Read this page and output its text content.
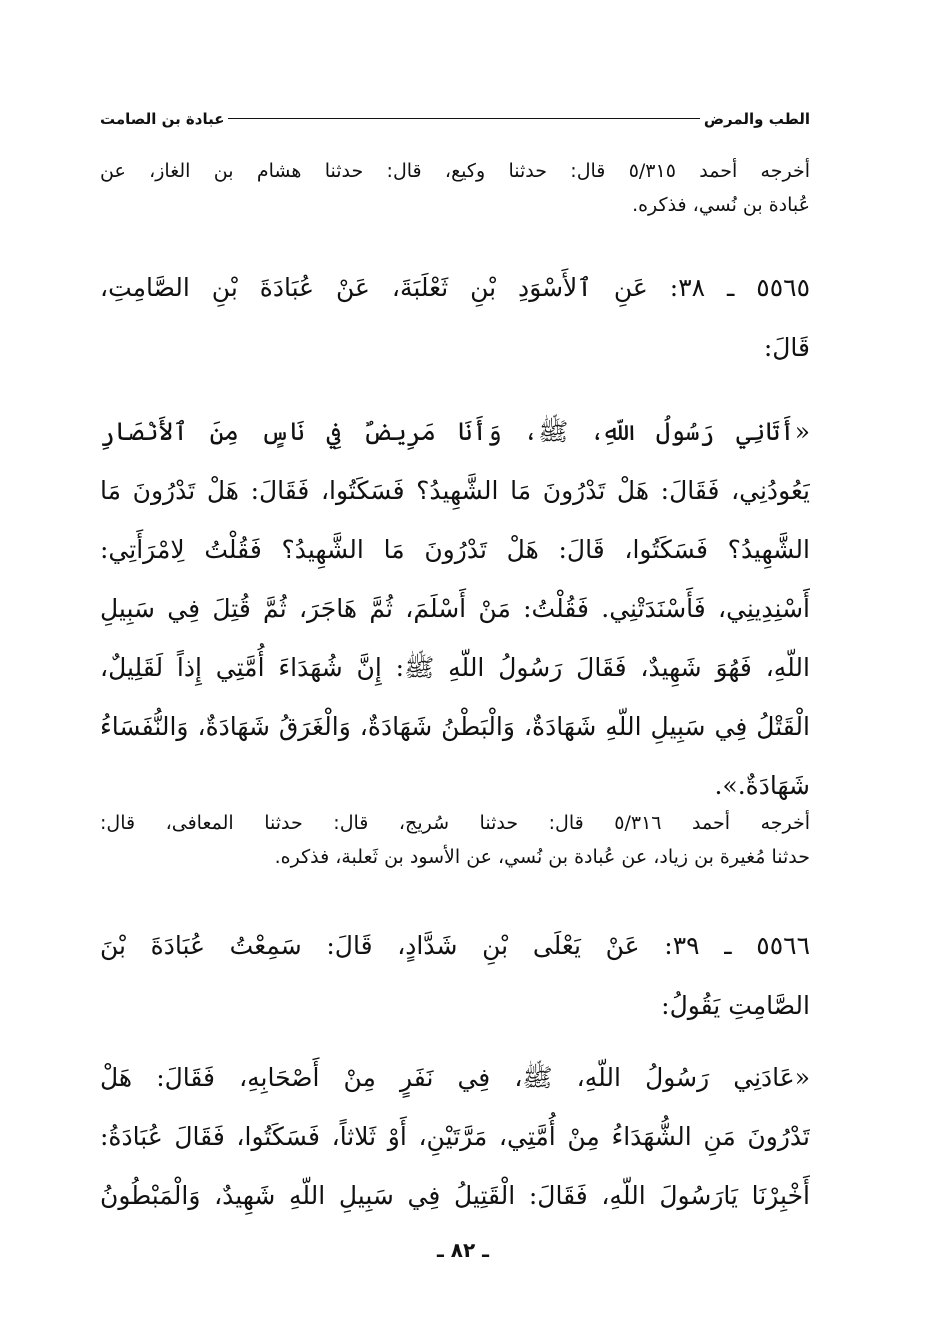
الطب والمرض
عبادة بن الصامت
أخرجه أحمد ٥/٣١٥ قال: حدثنا وكيع، قال: حدثنا هشام بن الغاز، عن
عُبادة بن نُسي، فذكره.
٥٥٦٥ ـ ٣٨: عَنِ ٱلأَسْوَدِ بْنِ ثَعْلَبَةَ، عَنْ عُبَادَةَ بْنِ الصَّامِتِ،
قَالَ:
«أَتَانِي رَسُولُ اللّهِ، ﷺ، وَأَنَا مَرِيضٌ فِي نَاسٍ مِنَ ٱلأَنْصَارِ
يَعُودُنِي، فَقَالَ: هَلْ تَدْرُونَ مَا الشَّهِيدُ؟ فَسَكَتُوا، فَقَالَ: هَلْ تَدْرُونَ مَا
الشَّهِيدُ؟ فَسَكَتُوا، قَالَ: هَلْ تَدْرُونَ مَا الشَّهِيدُ؟ فَقُلْتُ لِامْرَأَتِي:
أَسْنِدِينِي، فَأَسْنَدَتْنِي. فَقُلْتُ: مَنْ أَسْلَمَ، ثُمَّ هَاجَرَ، ثُمَّ قُتِلَ فِي سَبِيلِ
اللّهِ، فَهُوَ شَهِيدٌ، فَقَالَ رَسُولُ اللّهِ ﷺ: إِنَّ شُهَدَاءَ أُمَّتِي إِذاً لَقَلِيلٌ،
الْقَتْلُ فِي سَبِيلِ اللّهِ شَهَادَةٌ، وَالْبَطْنُ شَهَادَةٌ، وَالْغَرَقُ شَهَادَةٌ، وَالنُّفَسَاءُ
شَهَادَةٌ.».
أخرجه أحمد ٥/٣١٦ قال: حدثنا سُريج، قال: حدثنا المعافى، قال:
حدثنا مُغيرة بن زياد، عن عُبادة بن نُسي، عن الأسود بن ثَعلبة، فذكره.
٥٥٦٦ ـ ٣٩: عَنْ يَعْلَى بْنِ شَدَّادٍ، قَالَ: سَمِعْتُ عُبَادَةَ بْنَ
الصَّامِتِ يَقُولُ:
«عَادَنِي رَسُولُ اللّهِ، ﷺ، فِي نَفَرٍ مِنْ أَصْحَابِهِ، فَقَالَ: هَلْ
تَدْرُونَ مَنِ الشُّهَدَاءُ مِنْ أُمَّتِي، مَرَّتَيْنِ، أَوْ ثَلاثاً، فَسَكَتُوا، فَقَالَ عُبَادَةُ:
أَخْبِرْنَا يَارَسُولَ اللّهِ، فَقَالَ: الْقَتِيلُ فِي سَبِيلِ اللّهِ شَهِيدٌ، وَالْمَبْطُونُ
ـ ٨٢ ـ
